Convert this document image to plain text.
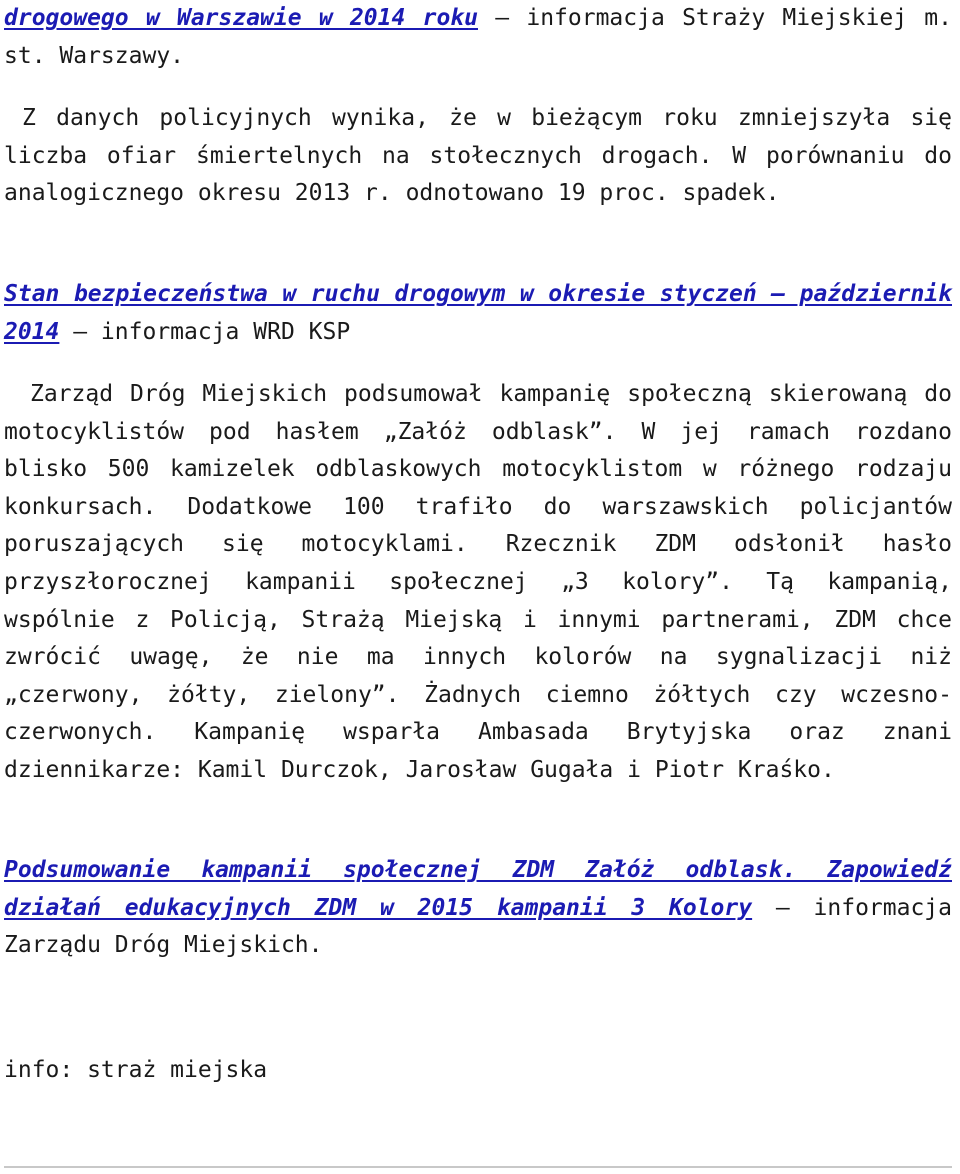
drogowego w Warszawie w 2014 roku – informacja Straży Miejskiej m. st. Warszawy.

Z danych policyjnych wynika, że w bieżącym roku zmniejszyła się liczba ofiar śmiertelnych na stołecznych drogach. W porównaniu do analogicznego okresu 2013 r. odnotowano 19 proc. spadek.

Stan bezpieczeństwa w ruchu drogowym w okresie styczeń – październik 2014 – informacja WRD KSP

Zarząd Dróg Miejskich podsumował kampanię społeczną skierowaną do motocyklistów pod hasłem „Załóż odblask”. W jej ramach rozdano blisko 500 kamizelek odblaskowych motocyklistom w różnego rodzaju konkursach. Dodatkowe 100 trafiło do warszawskich policjantów poruszających się motocyklami. Rzecznik ZDM odsłonił hasło przyszłorocznej kampanii społecznej „3 kolory”. Tą kampanią, wspólnie z Policją, Strażą Miejską i innymi partnerami, ZDM chce zwrócić uwagę, że nie ma innych kolorów na sygnalizacji niż „czerwony, żółty, zielony”. Żadnych ciemno żółtych czy wczesno-czerwonych. Kampanię wsparła Ambasada Brytyjska oraz znani dziennikarze: Kamil Durczok, Jarosław Gugała i Piotr Kraśko.

Podsumowanie kampanii społecznej ZDM Załóż odblask. Zapowiedź działań edukacyjnych ZDM w 2015 kampanii 3 Kolory – informacja Zarządu Dróg Miejskich.

info: straż miejska
